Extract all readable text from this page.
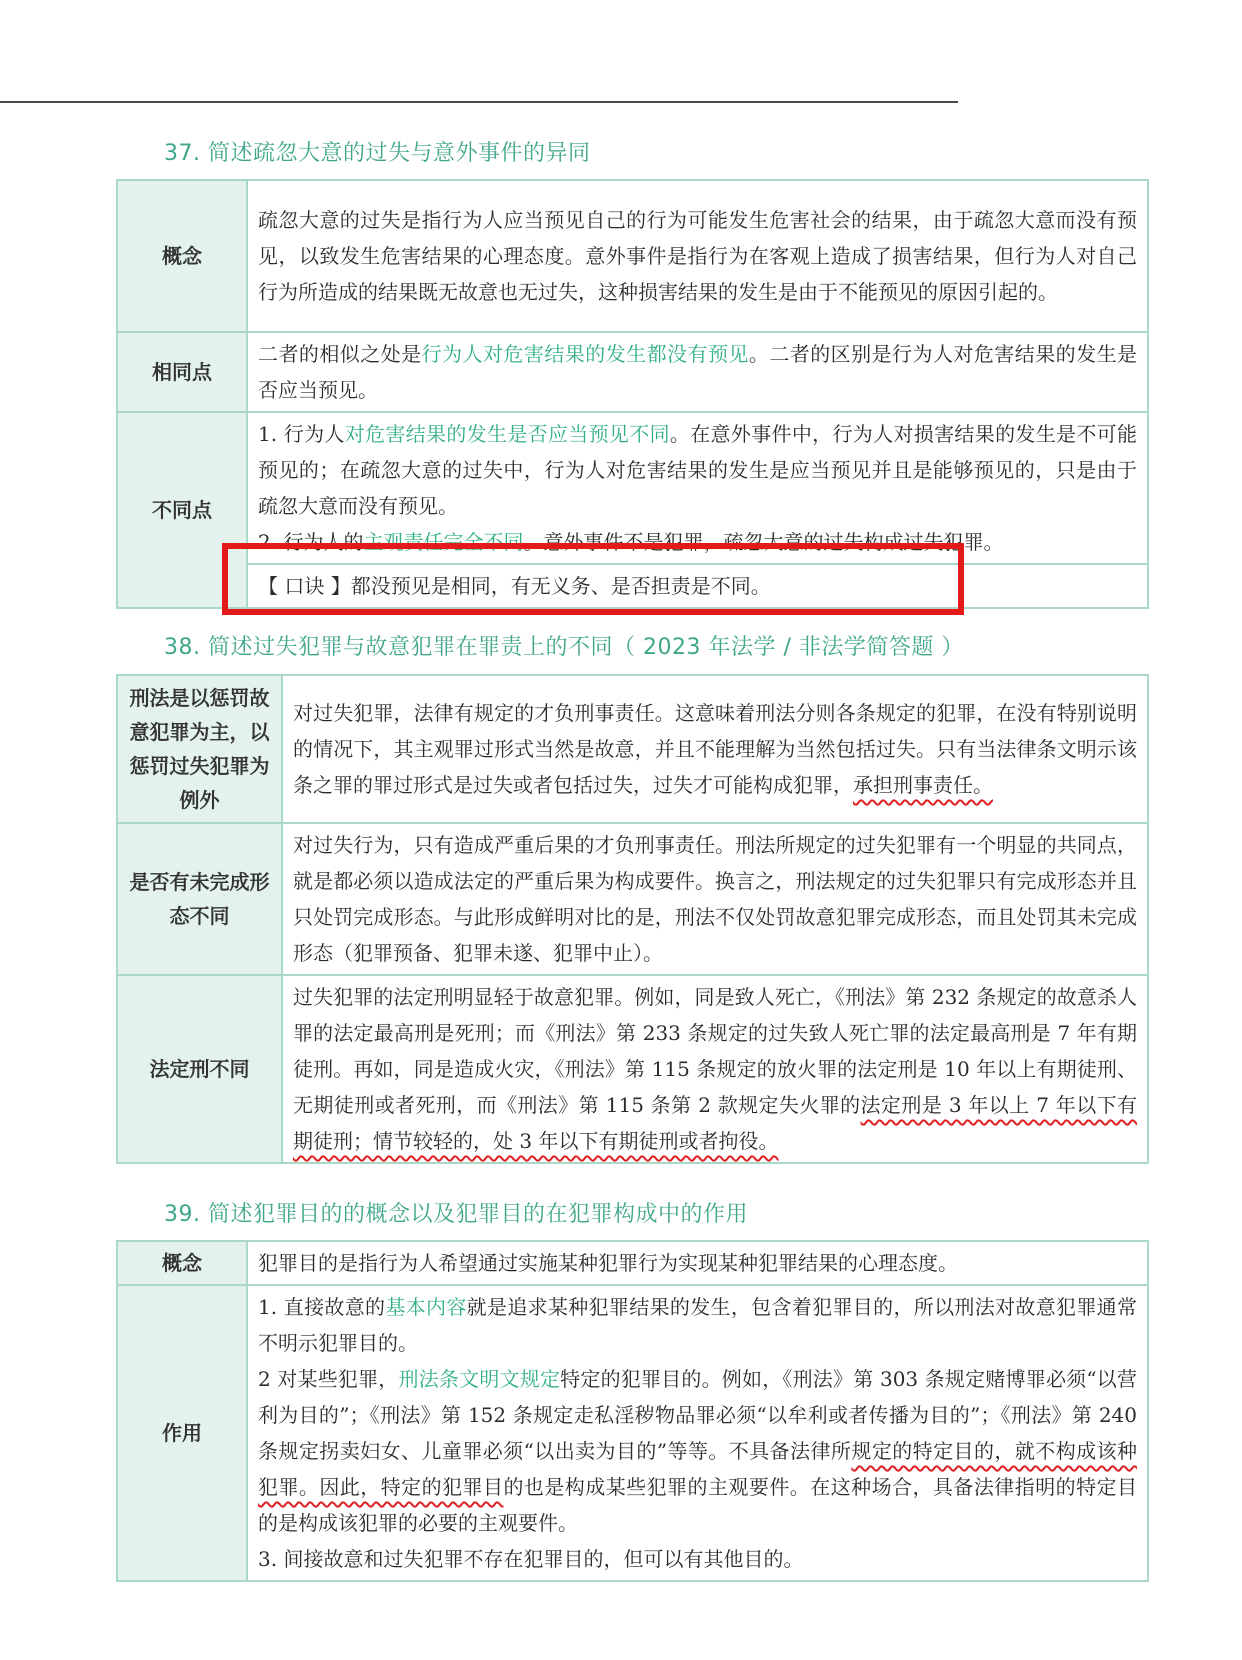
37. 简述疏忽大意的过失与意外事件的异同
概念	疏忽大意的过失是指行为人应当预见自己的行为可能发生危害社会的结果，由于疏忽大意而没有预见，以致发生危害结果的心理态度。意外事件是指行为在客观上造成了损害结果，但行为人对自己行为所造成的结果既无故意也无过失，这种损害结果的发生是由于不能预见的原因引起的。
相同点	二者的相似之处是行为人对危害结果的发生都没有预见。二者的区别是行为人对危害结果的发生是否应当预见。
不同点	1. 行为人对危害结果的发生是否应当预见不同。在意外事件中，行为人对损害结果的发生是不可能预见的；在疏忽大意的过失中，行为人对危害结果的发生是应当预见并且是能够预见的，只是由于疏忽大意而没有预见。

2. 行为人的主观责任完全不同。意外事件不是犯罪，疏忽大意的过失构成过失犯罪。

	【 口诀 】都没预见是相同，有无义务、是否担责是不同。
38. 简述过失犯罪与故意犯罪在罪责上的不同（ 2023 年法学 / 非法学简答题 ）
刑法是以惩罚故意犯罪为主，以惩罚过失犯罪为例外	对过失犯罪，法律有规定的才负刑事责任。这意味着刑法分则各条规定的犯罪，在没有特别说明的情况下，其主观罪过形式当然是故意，并且不能理解为当然包括过失。只有当法律条文明示该条之罪的罪过形式是过失或者包括过失，过失才可能构成犯罪，承担刑事责任。
是否有未完成形态不同	对过失行为，只有造成严重后果的才负刑事责任。刑法所规定的过失犯罪有一个明显的共同点，就是都必须以造成法定的严重后果为构成要件。换言之，刑法规定的过失犯罪只有完成形态并且只处罚完成形态。与此形成鲜明对比的是，刑法不仅处罚故意犯罪完成形态，而且处罚其未完成形态（犯罪预备、犯罪未遂、犯罪中止）。
法定刑不同	过失犯罪的法定刑明显轻于故意犯罪。例如，同是致人死亡，《刑法》第 232 条规定的故意杀人罪的法定最高刑是死刑；而《刑法》第 233 条规定的过失致人死亡罪的法定最高刑是 7 年有期徒刑。再如，同是造成火灾，《刑法》第 115 条规定的放火罪的法定刑是 10 年以上有期徒刑、无期徒刑或者死刑，而《刑法》第 115 条第 2 款规定失火罪的法定刑是 3 年以上 7 年以下有期徒刑；情节较轻的，处 3 年以下有期徒刑或者拘役。
39. 简述犯罪目的的概念以及犯罪目的在犯罪构成中的作用
概念	犯罪目的是指行为人希望通过实施某种犯罪行为实现某种犯罪结果的心理态度。
作用	1. 直接故意的基本内容就是追求某种犯罪结果的发生，包含着犯罪目的，所以刑法对故意犯罪通常不明示犯罪目的。

2 对某些犯罪，刑法条文明文规定特定的犯罪目的。例如，《刑法》第 303 条规定赌博罪必须“以营利为目的”；《刑法》第 152 条规定走私淫秽物品罪必须“以牟利或者传播为目的”；《刑法》第 240 条规定拐卖妇女、儿童罪必须“以出卖为目的”等等。不具备法律所规定的特定目的，就不构成该种犯罪。因此，特定的犯罪目的也是构成某些犯罪的主观要件。在这种场合，具备法律指明的特定目的是构成该犯罪的必要的主观要件。

3. 间接故意和过失犯罪不存在犯罪目的，但可以有其他目的。
